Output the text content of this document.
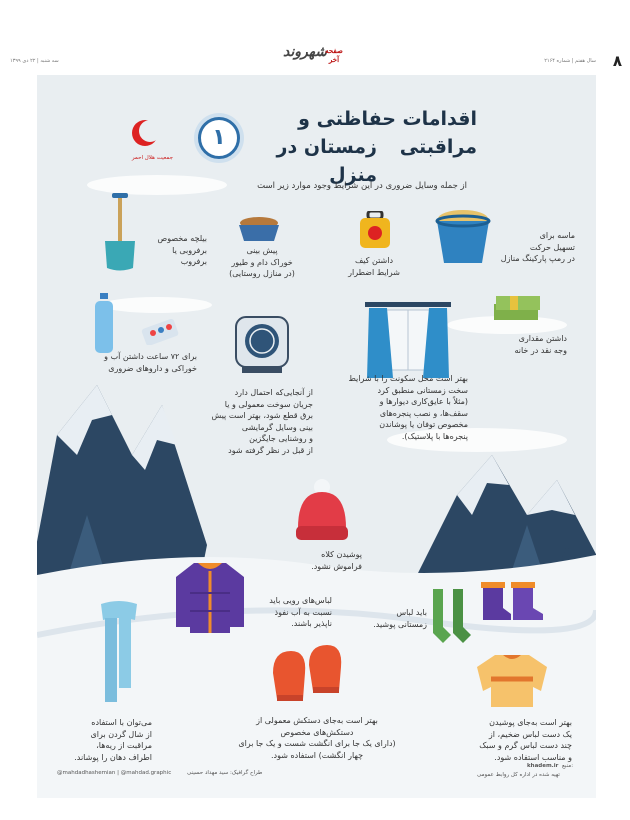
۸
سال هفتم | شماره ۲۱۶۴
سه شنبه | ۲۲ دی ۱۳۹۹
شهروند
صفحه آخر
جمعیت هلال احمر
۱
اقدامات حفاظتی و مراقبتی
زمستان در منزل
از جمله وسایل ضروری در این شرایط وجود موارد زیر است
بیلچه مخصوص
برفروبی یا
برفروب
پیش بینی
خوراک دام و طیور
(در منازل روستایی)
داشتن کیف
شرایط اضطرار
ماسه برای
تسهیل حرکت
در رمپ پارکینگ منازل
داشتن مقداری
وجه نقد در خانه
برای ۷۲ ساعت داشتن آب و
خوراکی و داروهای ضروری
از آنجایی‌که احتمال دارد
جریان سوخت معمولی و یا
برق قطع شود، بهتر است پیش
بینی وسایل گرمایشی
و روشنایی جایگزین
از قبل در نظر گرفته شود
بهتر است محل سکونت را با شرایط
سخت زمستانی منطبق کرد
(مثلاً با عایق‌کاری دیوارها و
سقف‌ها، و نصب پنجره‌های
مخصوص توفان یا پوشاندن
پنجره‌ها با پلاستیک).
پوشیدن کلاه
فراموش نشود.
لباس‌های رویی باید
نسبت به آب نفوذ
ناپذیر باشند.
باید لباس
زمستانی پوشید.
می‌توان با استفاده
از شال گردن برای
مراقبت از ریه‌ها،
اطراف دهان را پوشاند.
بهتر است به‌جای دستکش معمولی از
دستکش‌های مخصوص
(دارای یک جا برای انگشت شست و یک جا برای
چهار انگشت) استفاده شود.
بهتر است به‌جای پوشیدن
یک دست لباس ضخیم، از
چند دست لباس گرم و سبک
و مناسب استفاده شود.
طراح گرافیک: سید مهداد حسینی
@mahdadhashemian | @mahdad.graphic
منبع:
khadem.ir
تهیه شده در اداره کل روابط عمومی
